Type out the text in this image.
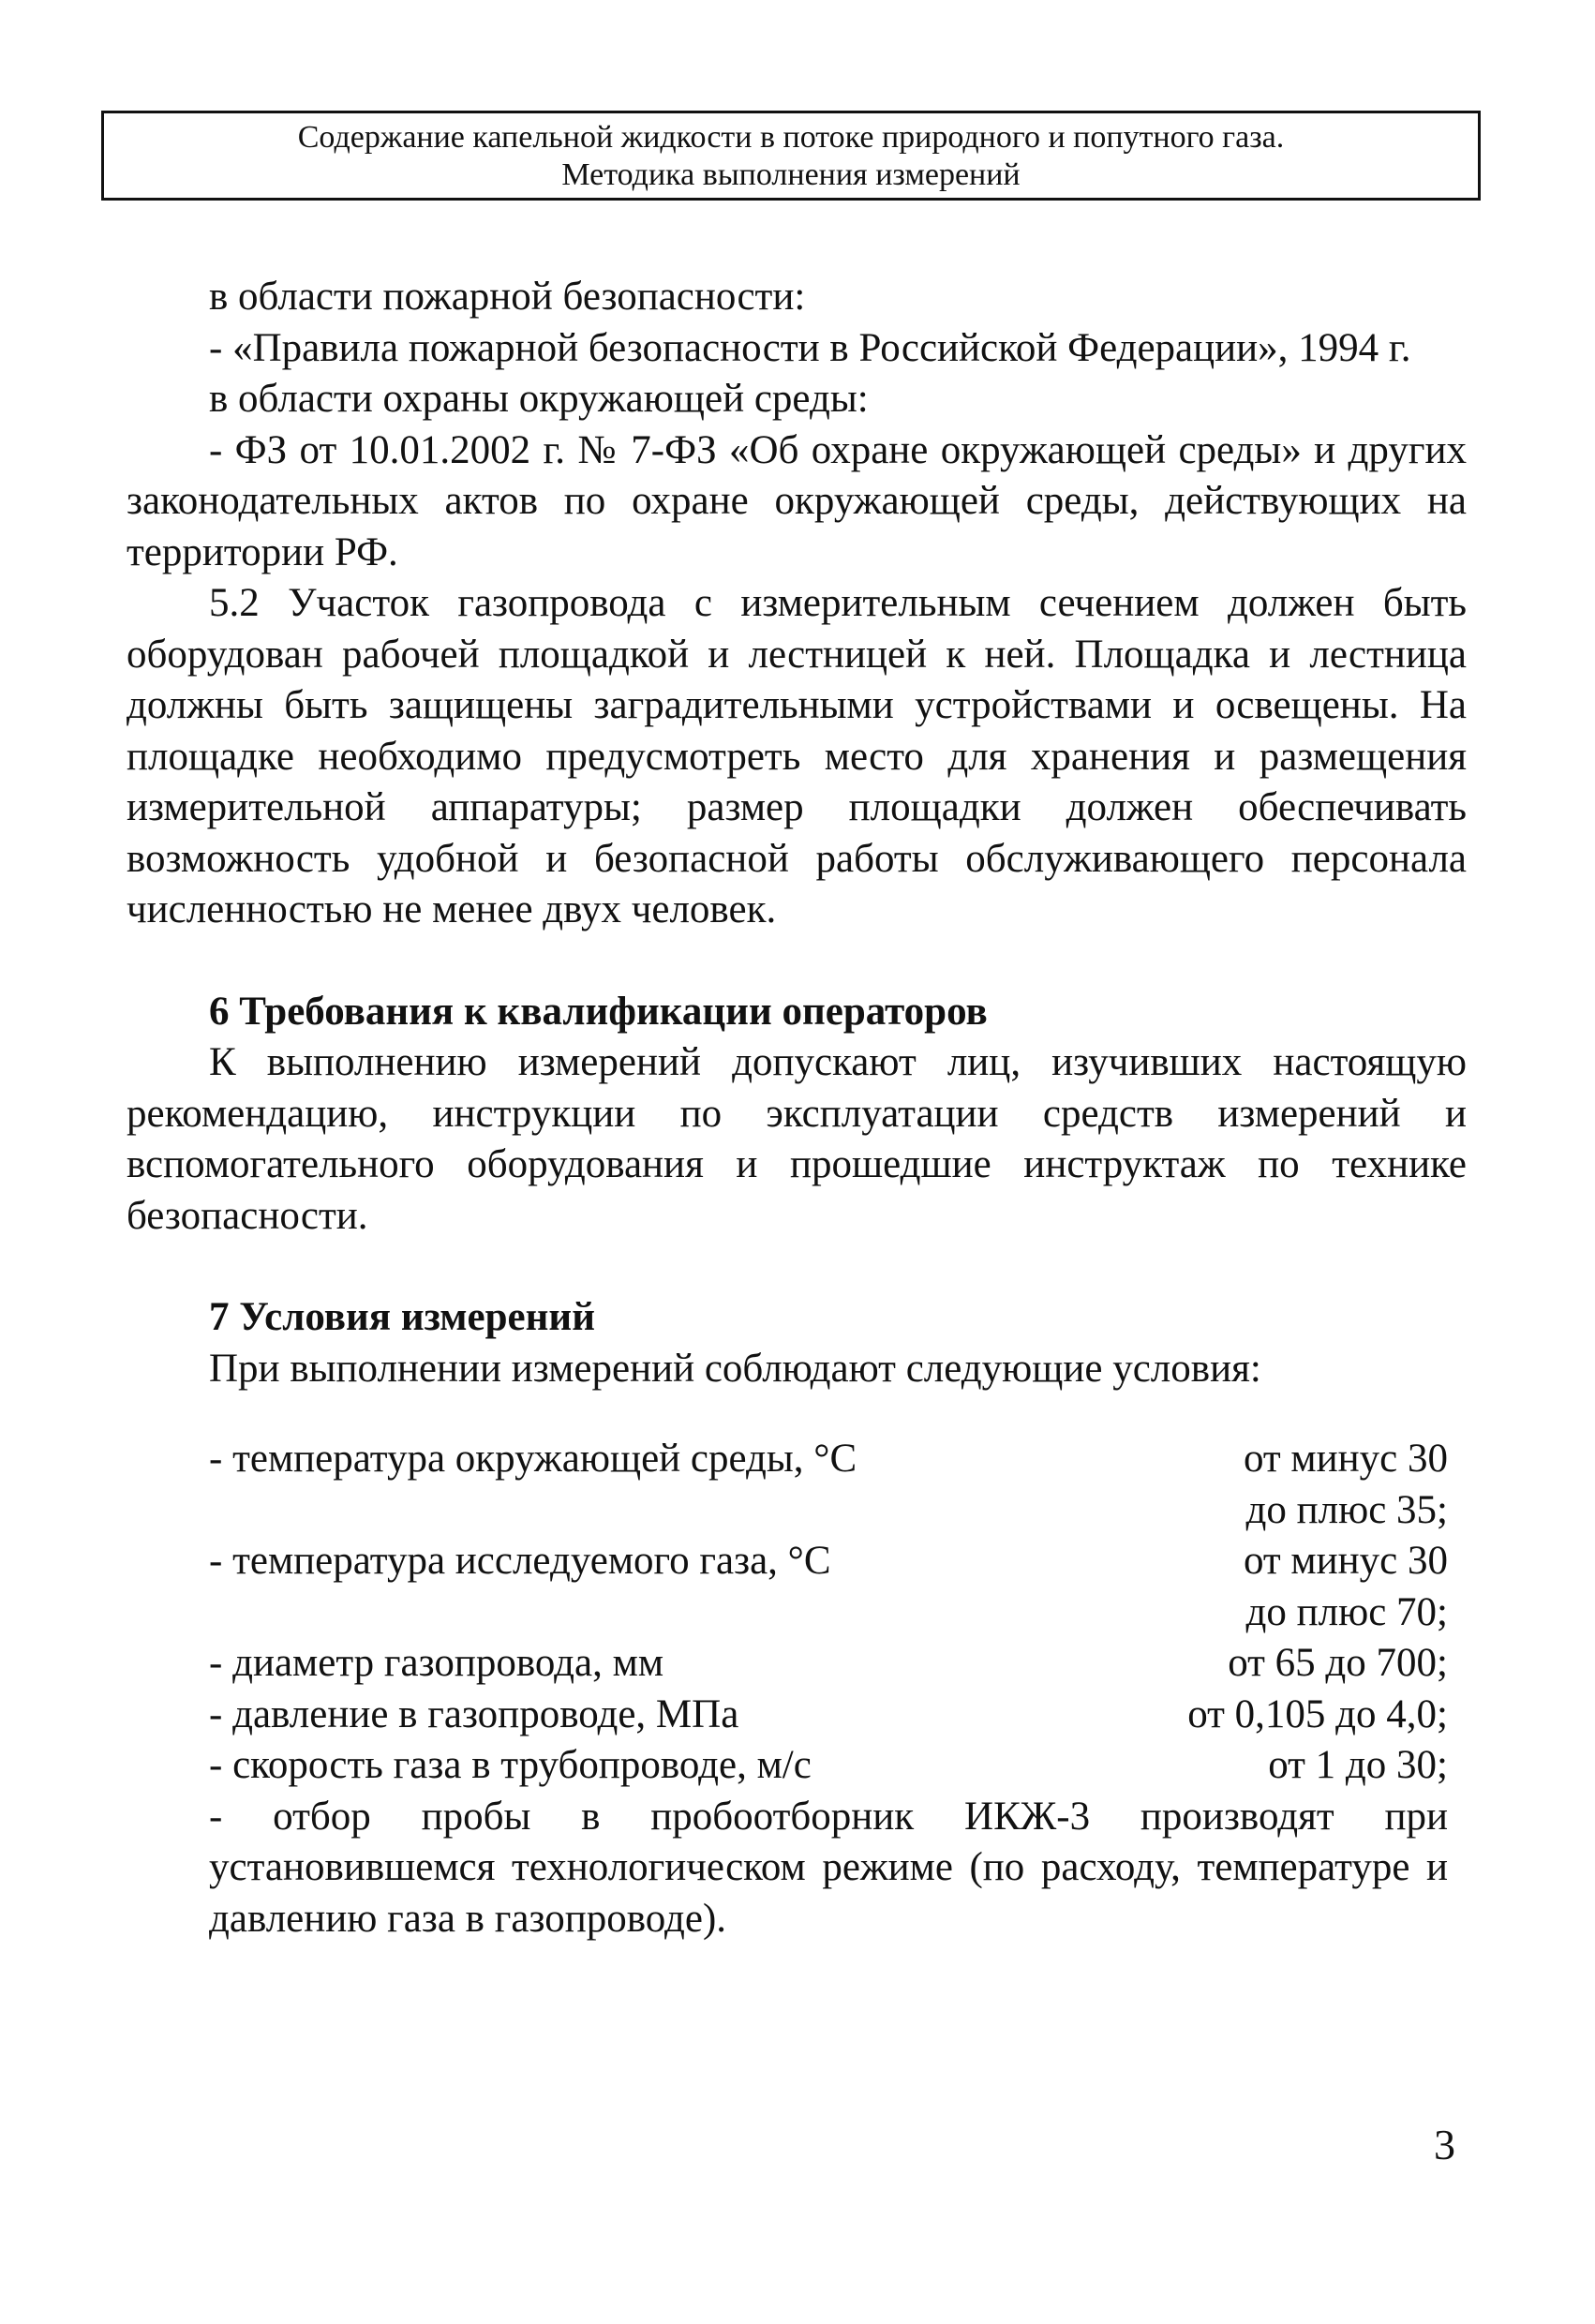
Содержание капельной жидкости в потоке природного и попутного газа.
Методика выполнения измерений

в области пожарной безопасности:

- «Правила пожарной безопасности в Российской Федерации», 1994 г.

в области охраны окружающей среды:

- ФЗ от 10.01.2002 г. № 7-ФЗ «Об охране окружающей среды» и других законодательных актов по охране окружающей среды, действующих на территории РФ.

5.2 Участок газопровода с измерительным сечением должен быть оборудован рабочей площадкой и лестницей к ней. Площадка и лестница должны быть защищены заградительными устройствами и освещены. На площадке необходимо предусмотреть место для хранения и размещения измерительной аппаратуры; размер площадки должен обеспечивать возможность удобной и безопасной работы обслуживающего персонала численностью не менее двух человек.

6 Требования к квалификации операторов

К выполнению измерений допускают лиц, изучивших настоящую рекомендацию, инструкции по эксплуатации средств измерений и вспомогательного оборудования и прошедшие инструктаж по технике безопасности.

7 Условия измерений

При выполнении измерений соблюдают следующие условия:

- температура окружающей среды, °С	от минус 30
до плюс 35;
- температура исследуемого газа, °С	от минус 30
до плюс 70;
- диаметр газопровода, мм	от 65 до 700;
- давление в газопроводе, МПа	от 0,105 до 4,0;
- скорость газа в трубопроводе, м/с	от 1 до 30;

- отбор пробы в пробоотборник ИКЖ-3 производят при установившемся технологическом режиме (по расходу, температуре и давлению газа в газопроводе).

3
